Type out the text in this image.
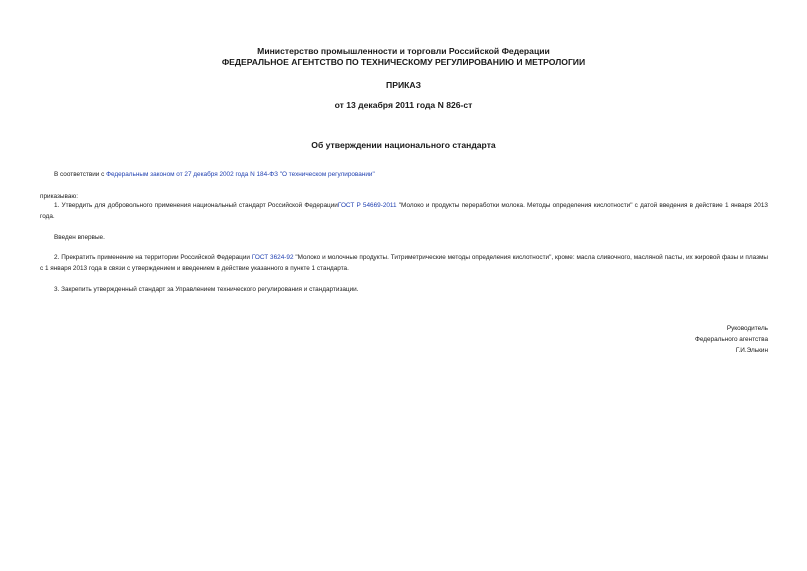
Министерство промышленности и торговли Российской Федерации
ФЕДЕРАЛЬНОЕ АГЕНТСТВО ПО ТЕХНИЧЕСКОМУ РЕГУЛИРОВАНИЮ И МЕТРОЛОГИИ
ПРИКАЗ
от 13 декабря 2011 года N 826-ст
Об утверждении национального стандарта
В соответствии с Федеральным законом от 27 декабря 2002 года N 184-ФЗ "О техническом регулировании"
приказываю:
1. Утвердить для добровольного применения национальный стандарт Российской ФедерацииГОСТ Р 54669-2011 "Молоко и продукты переработки молока. Методы определения кислотности" с датой введения в действие 1 января 2013 года.
Введен впервые.
2. Прекратить применение на территории Российской Федерации ГОСТ 3624-92 "Молоко и молочные продукты. Титриметрические методы определения кислотности", кроме: масла сливочного, масляной пасты, их жировой фазы и плазмы с 1 января 2013 года в связи с утверждением и введением в действие указанного в пункте 1 стандарта.
3. Закрепить утвержденный стандарт за Управлением технического регулирования и стандартизации.
Руководитель
Федерального агентства
Г.И.Элькин
